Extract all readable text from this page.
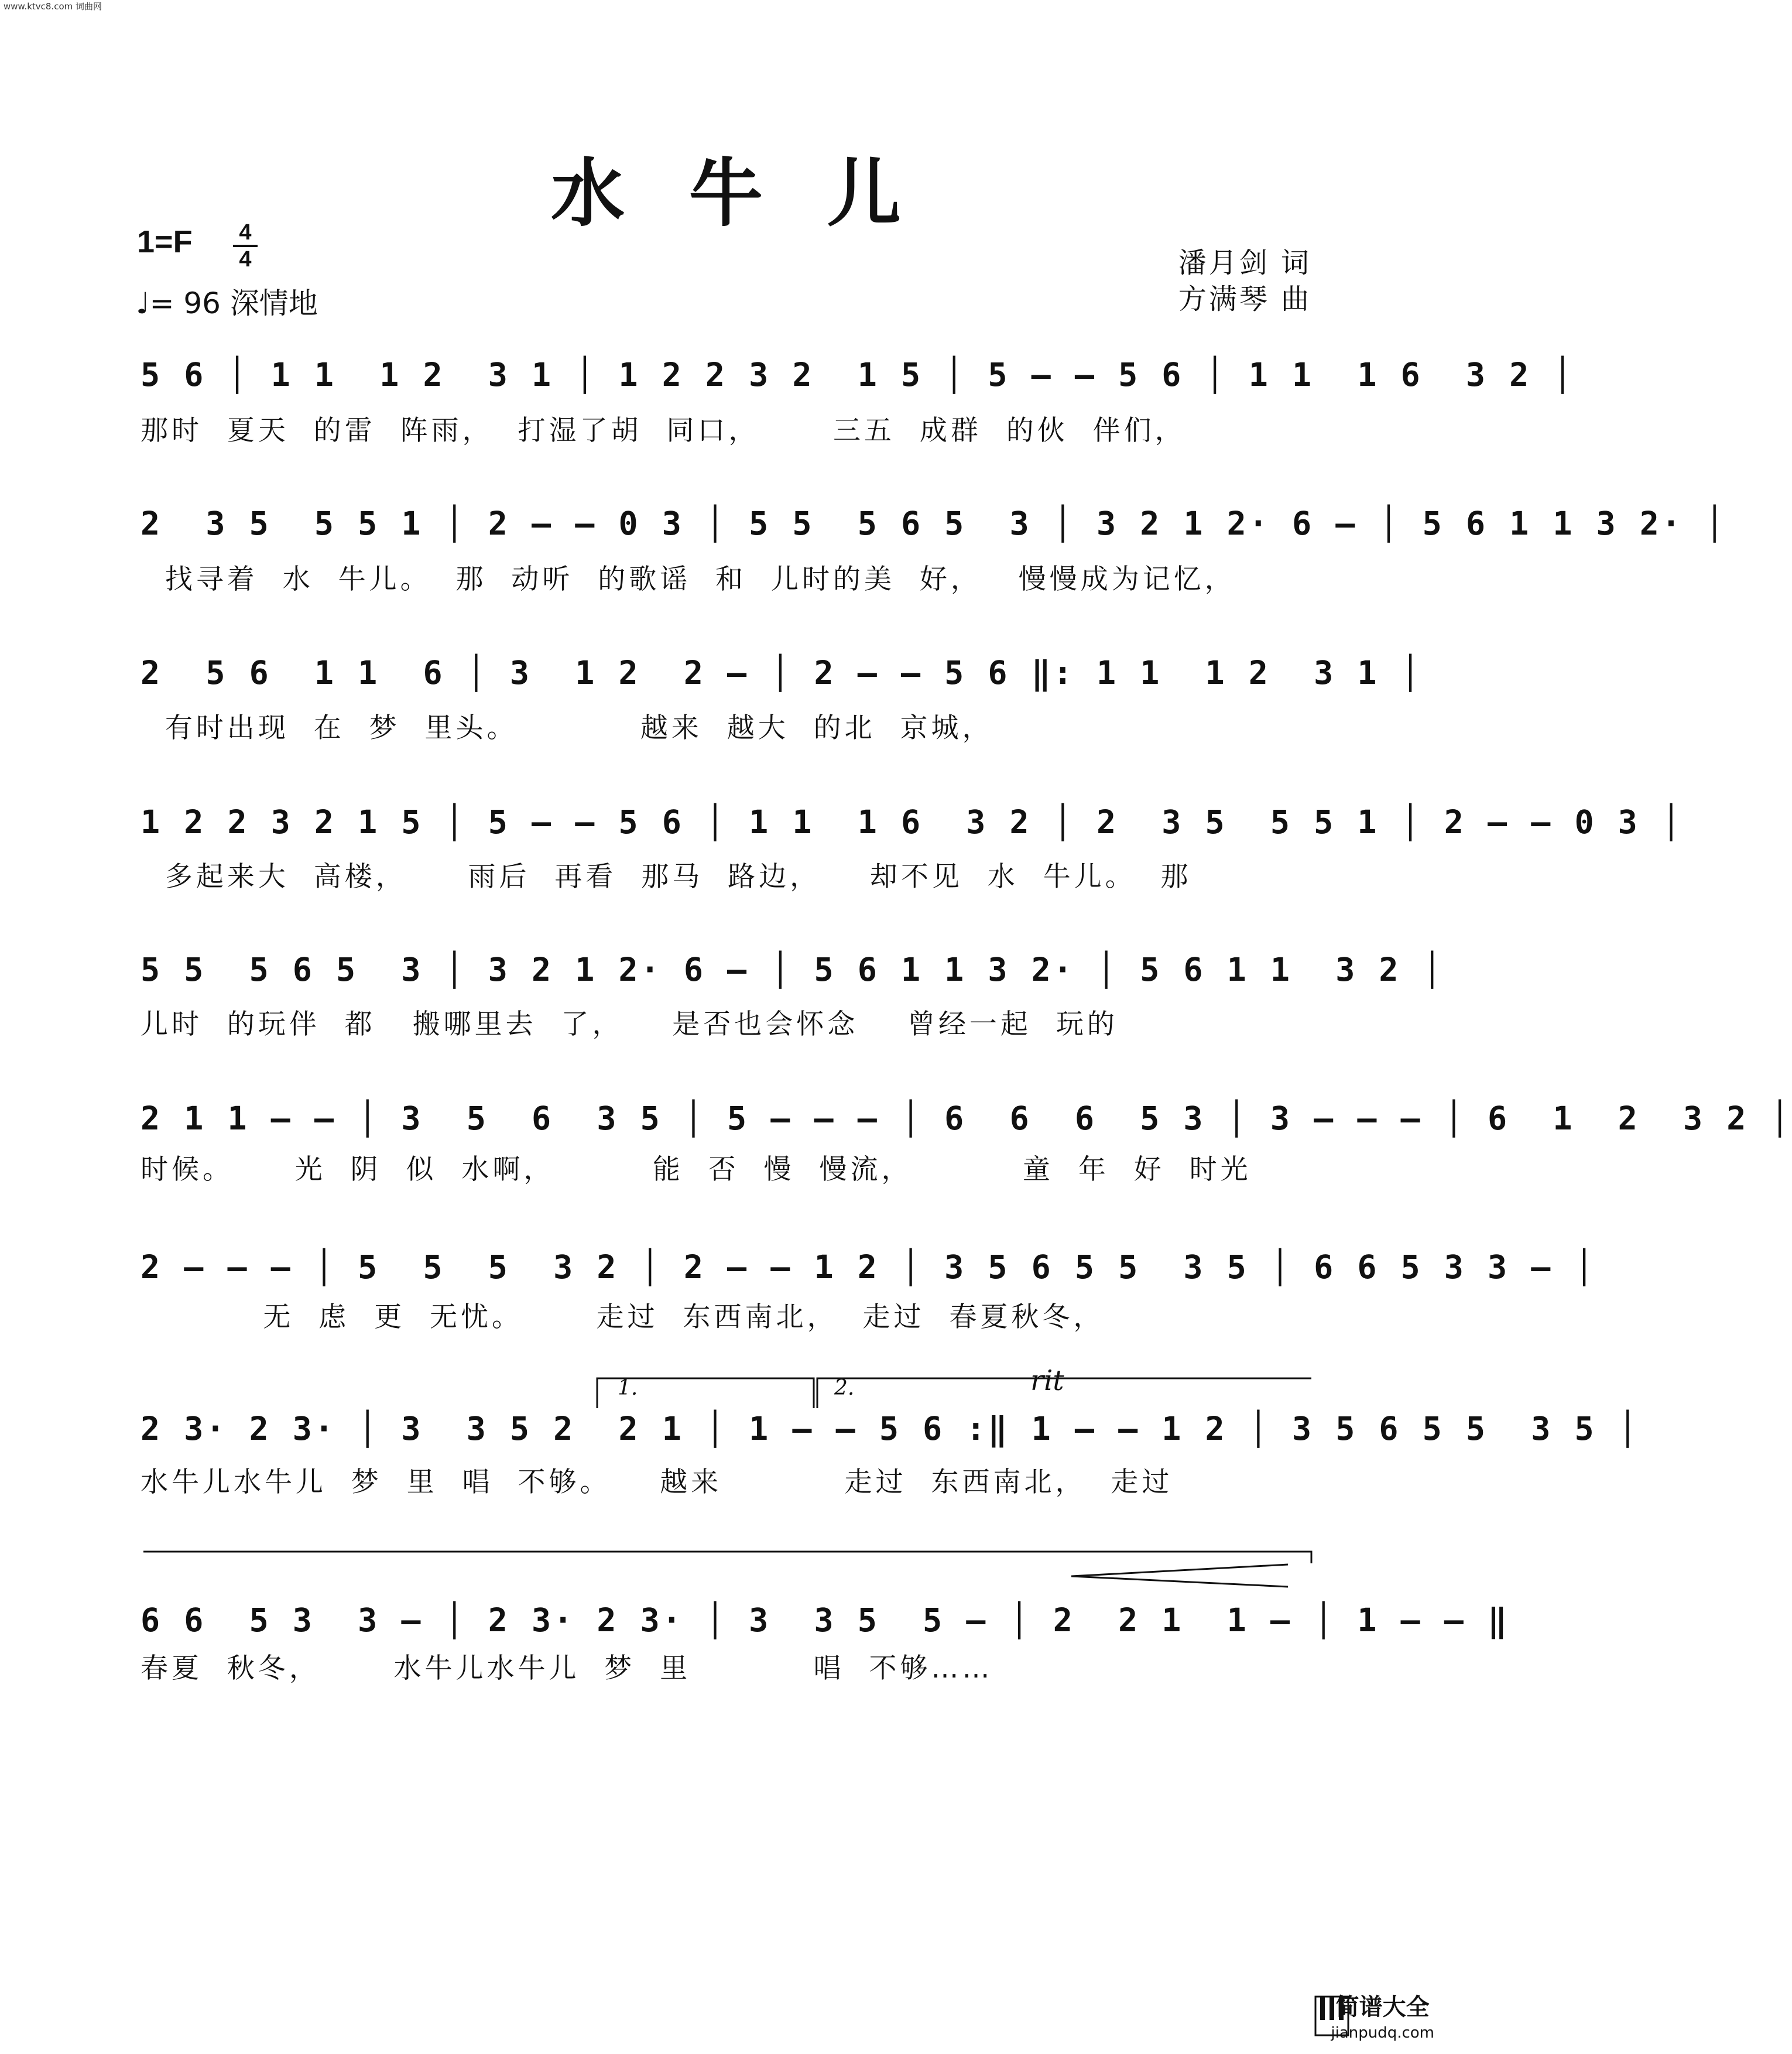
www.ktvc8.com 词曲网
水牛儿
1=F 4
4
♩= 96 深情地
潘月剑 词
方满琴 曲
5 6 │ 1 1  1 2  3 1 │ 1 2 2 3 2  1 5 │ 5 – – 5 6 │ 1 1  1 6  3 2 │
那时  夏天  的雷  阵雨，  打湿了胡  同口，      三五  成群  的伙  伴们，
2  3 5  5 5 1 │ 2 – – 0 3 │ 5 5  5 6 5  3 │ 3 2 1 2· 6 – │ 5 6 1 1 3 2· │
找寻着  水  牛儿。  那  动听  的歌谣  和  儿时的美  好，   慢慢成为记忆，
2  5 6  1 1  6 │ 3  1 2  2 – │ 2 – – 5 6 ‖: 1 1  1 2  3 1 │
有时出现  在  梦  里头。          越来  越大  的北  京城，
1 2 2 3 2 1 5 │ 5 – – 5 6 │ 1 1  1 6  3 2 │ 2  3 5  5 5 1 │ 2 – – 0 3 │
多起来大  高楼，     雨后  再看  那马  路边，    却不见  水  牛儿。  那
5 5  5 6 5  3 │ 3 2 1 2· 6 – │ 5 6 1 1 3 2· │ 5 6 1 1  3 2 │
儿时  的玩伴  都   搬哪里去  了，    是否也会怀念    曾经一起  玩的
2 1 1 – – │ 3  5  6  3 5 │ 5 – – – │ 6  6  6  5 3 │ 3 – – – │ 6  1  2  3 2 │
时候。     光  阴  似  水啊，        能  否  慢  慢流，         童  年  好  时光
2 – – – │ 5  5  5  3 2 │ 2 – – 1 2 │ 3 5 6 5 5  3 5 │ 6 6 5 3 3 – │
无  虑  更  无忧。      走过  东西南北，  走过  春夏秋冬，
1.	2.	rit
2 3· 2 3· │ 3  3 5 2  2 1 │ 1 – – 5 6 :‖ 1 – – 1 2 │ 3 5 6 5 5  3 5 │
水牛儿水牛儿  梦  里  唱  不够。    越来          走过  东西南北，  走过
6 6  5 3  3 – │ 2 3· 2 3· │ 3  3 5  5 – │ 2  2 1  1 – │ 1 – – ‖
春夏  秋冬，      水牛儿水牛儿  梦  里          唱  不够……
简谱大全
jianpudq.com
